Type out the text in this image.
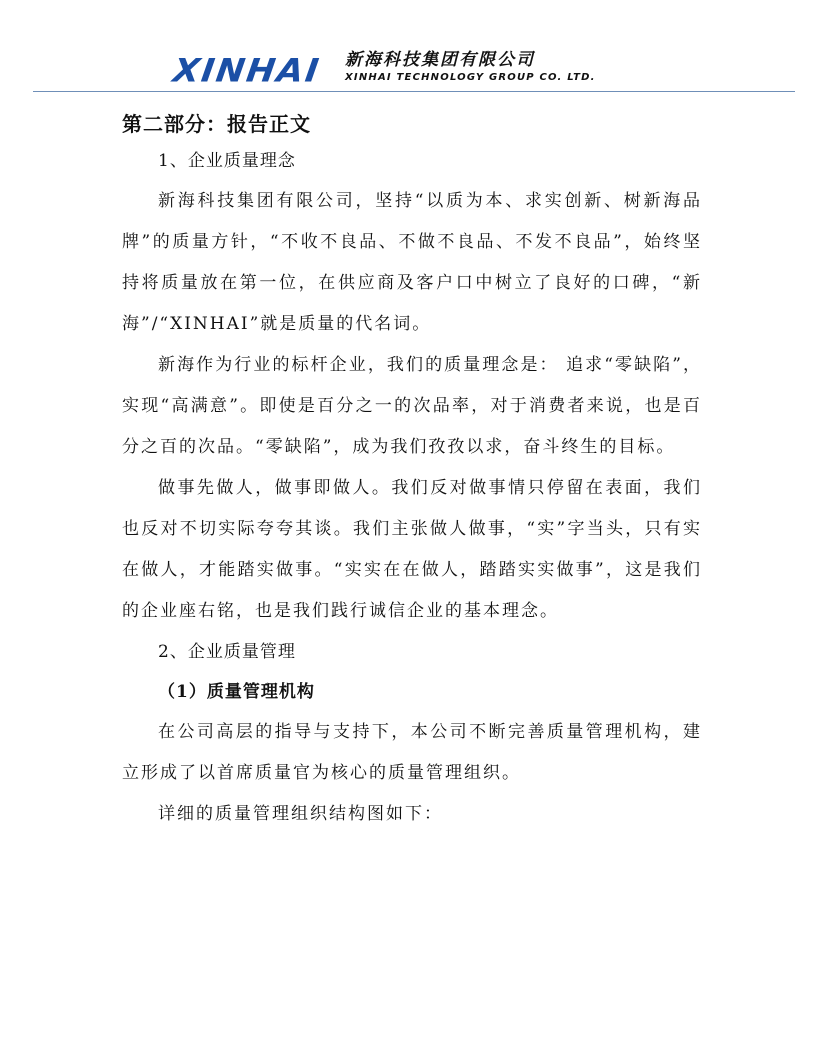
XINHAI 新海科技集团有限公司
XINHAI TECHNOLOGY GROUP CO. LTD.
第二部分：报告正文

1、企业质量理念

新海科技集团有限公司，坚持“以质为本、求实创新、树新海品牌”的质量方针，“不收不良品、不做不良品、不发不良品”，始终坚持将质量放在第一位，在供应商及客户口中树立了良好的口碑，“新海”/“XINHAI”就是质量的代名词。

新海作为行业的标杆企业，我们的质量理念是： 追求“零缺陷”，实现“高满意”。即使是百分之一的次品率，对于消费者来说，也是百分之百的次品。“零缺陷”，成为我们孜孜以求，奋斗终生的目标。

做事先做人，做事即做人。我们反对做事情只停留在表面，我们也反对不切实际夸夸其谈。我们主张做人做事，“实”字当头，只有实在做人，才能踏实做事。“实实在在做人，踏踏实实做事”，这是我们的企业座右铭，也是我们践行诚信企业的基本理念。

2、企业质量管理

（1）质量管理机构

在公司高层的指导与支持下，本公司不断完善质量管理机构，建立形成了以首席质量官为核心的质量管理组织。

详细的质量管理组织结构图如下：
